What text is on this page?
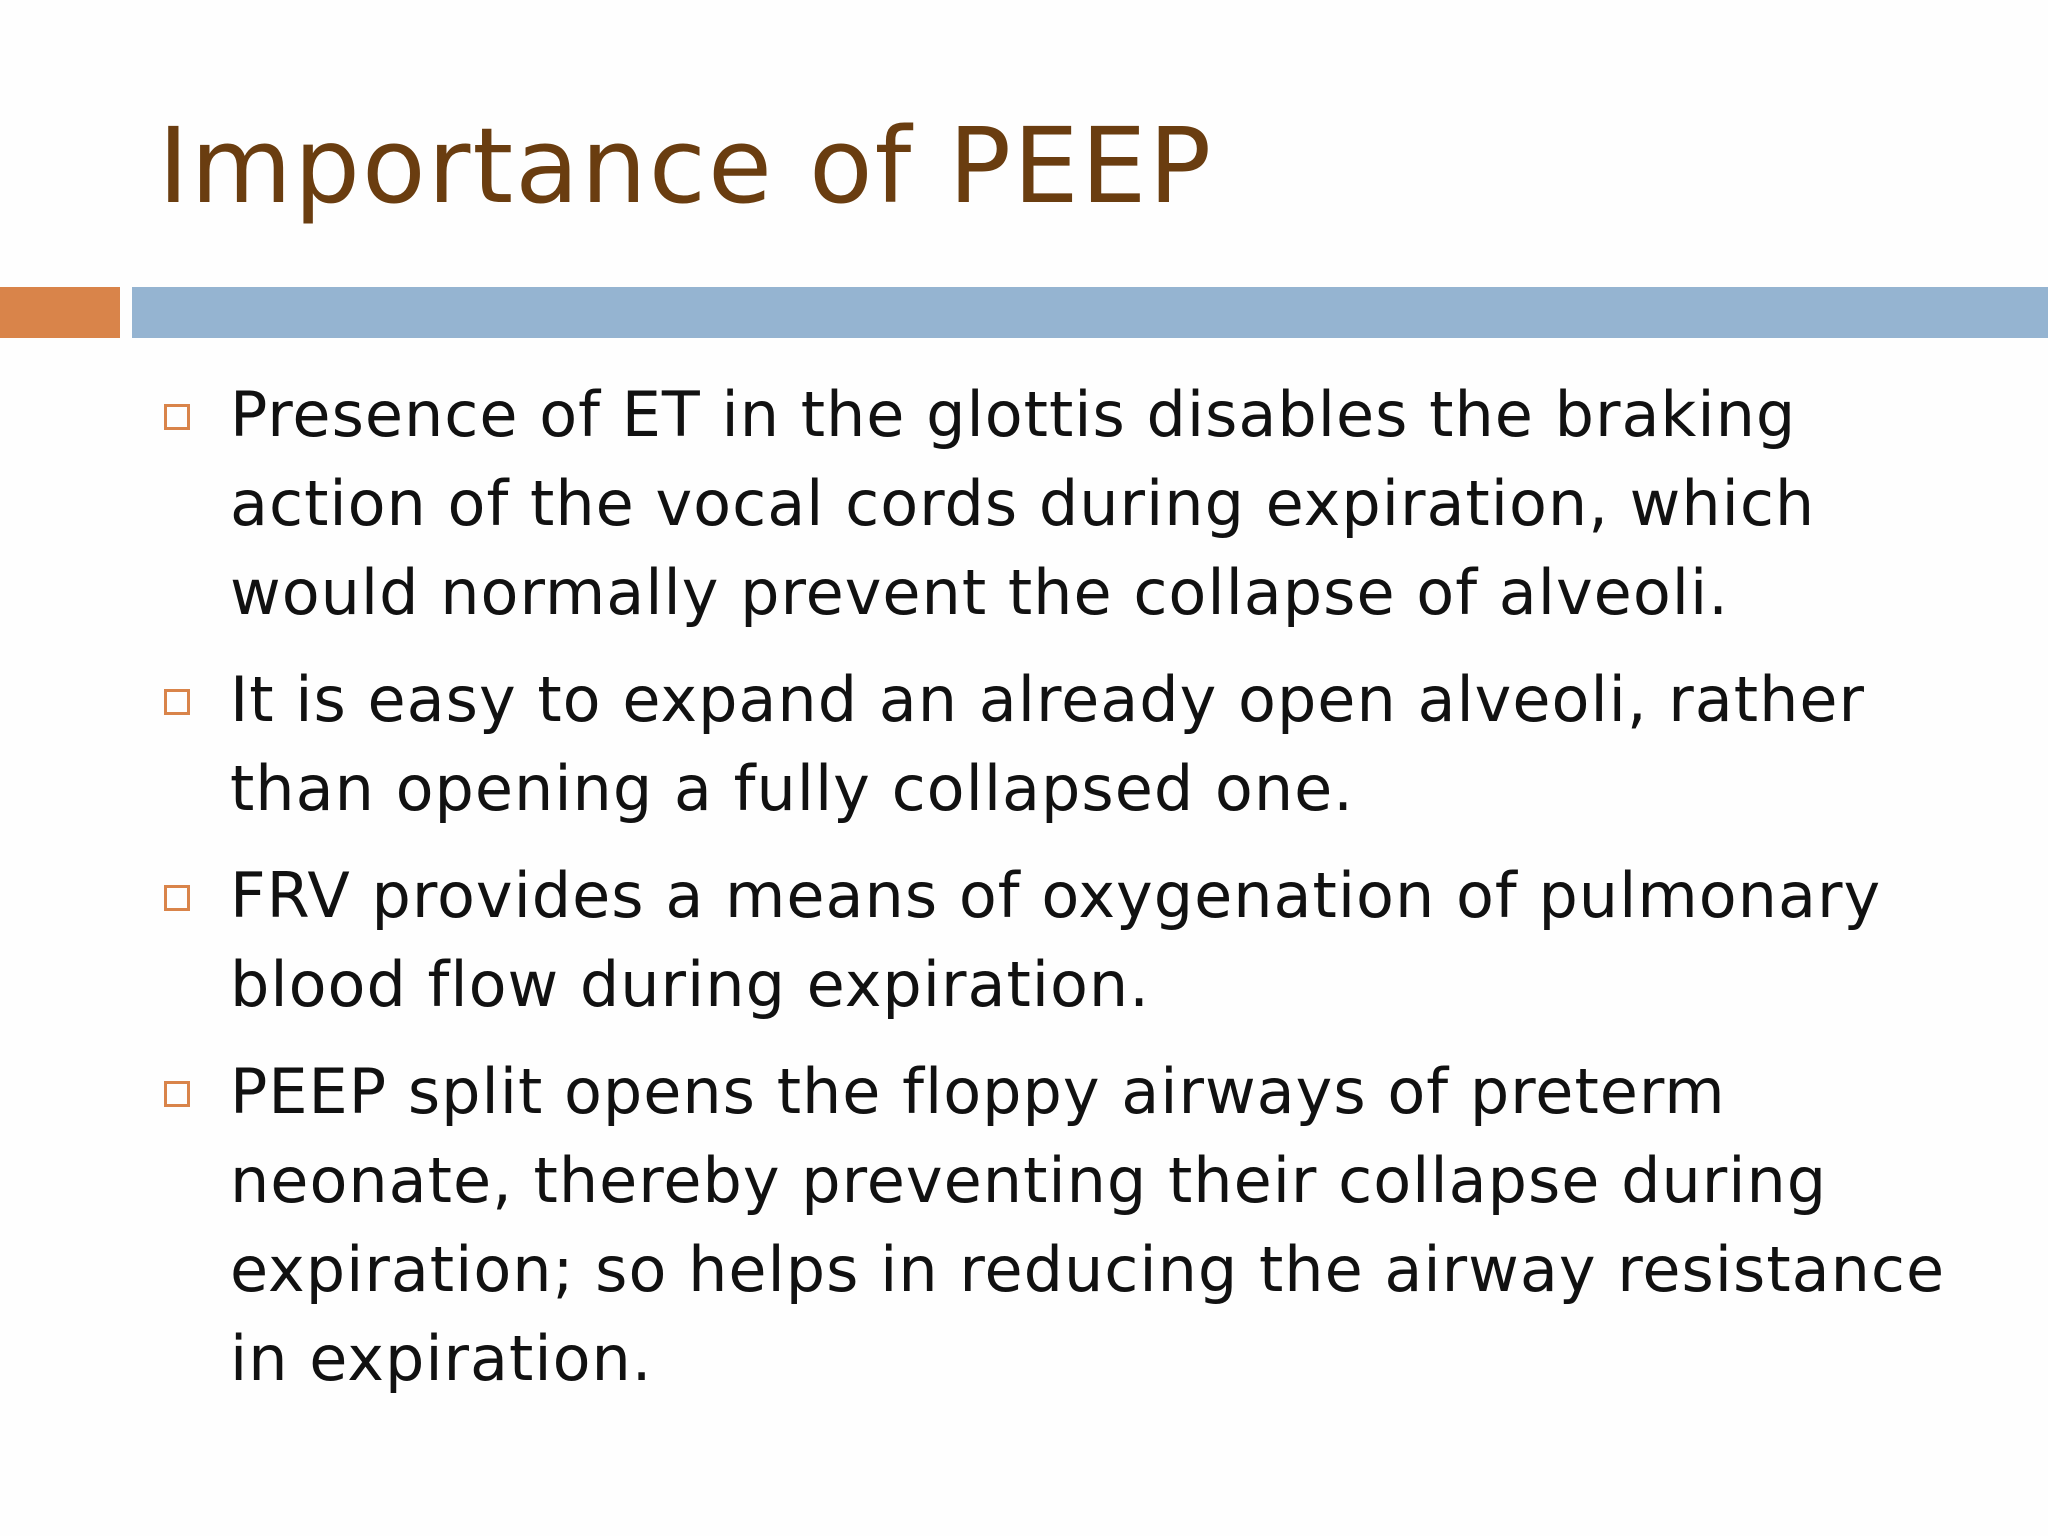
Importance of PEEP
Presence of ET in the glottis disables the braking action of the vocal cords during expiration, which would normally prevent the collapse of alveoli.
It is easy to expand an already open alveoli, rather than opening a fully collapsed one.
FRV provides a means of oxygenation of pulmonary blood flow during expiration.
PEEP split opens the floppy airways of preterm neonate, thereby preventing their collapse during expiration; so helps in reducing the airway resistance in expiration.
